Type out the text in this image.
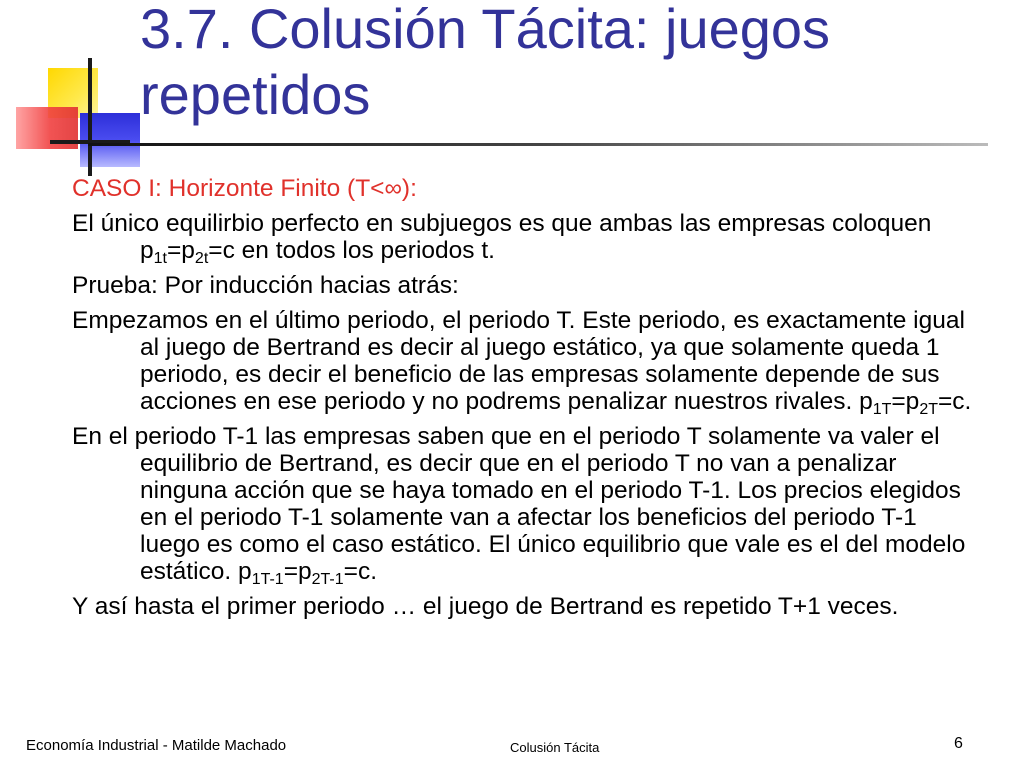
3.7. Colusión Tácita: juegos repetidos

CASO I: Horizonte Finito (T<∞):

El único equilirbio perfecto en subjuegos es que ambas las empresas coloquen $p_{1t}=p_{2t}=c$ en todos los periodos t.

Prueba: Por inducción hacias atrás:

Empezamos en el último periodo, el periodo T. Este periodo, es exactamente igual al juego de Bertrand es decir al juego estático, ya que solamente queda 1 periodo, es decir el beneficio de las empresas solamente depende de sus acciones en ese periodo y no podrems penalizar nuestros rivales. $p_{1T}=p_{2T}=c$.

En el periodo T-1 las empresas saben que en el periodo T solamente va valer el equilibrio de Bertrand, es decir que en el periodo T no van a penalizar ninguna acción que se haya tomado en el periodo T-1. Los precios elegidos en el periodo T-1 solamente van a afectar los beneficios del periodo T-1 luego es como el caso estático. El único equilibrio que vale es el del modelo estático. $p_{1T-1}=p_{2T-1}=c$.

Y así hasta el primer periodo … el juego de Bertrand es repetido T+1 veces.

Economía Industrial - Matilde Machado	Colusión Tácita	6
